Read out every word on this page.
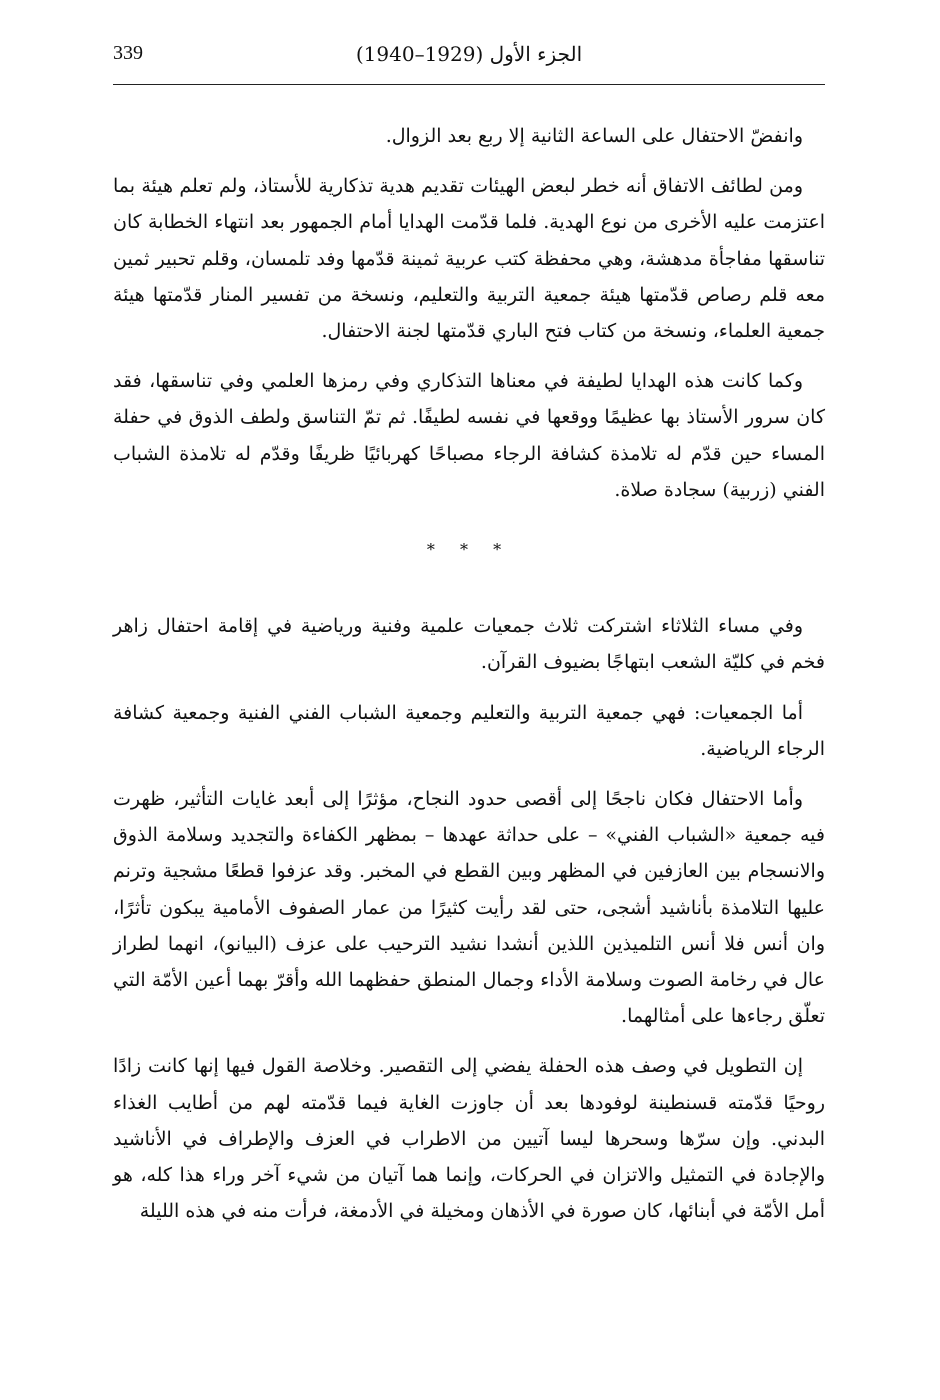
339	الجزء الأول (1929–1940)

وانفضّ الاحتفال على الساعة الثانية إلا ربع بعد الزوال.

ومن لطائف الاتفاق أنه خطر لبعض الهيئات تقديم هدية تذكارية للأستاذ، ولم تعلم هيئة بما اعتزمت عليه الأخرى من نوع الهدية. فلما قدّمت الهدايا أمام الجمهور بعد انتهاء الخطابة كان تناسقها مفاجأة مدهشة، وهي محفظة كتب عربية ثمينة قدّمها وفد تلمسان، وقلم تحبير ثمين معه قلم رصاص قدّمتها هيئة جمعية التربية والتعليم، ونسخة من تفسير المنار قدّمتها هيئة جمعية العلماء، ونسخة من كتاب فتح الباري قدّمتها لجنة الاحتفال.

وكما كانت هذه الهدايا لطيفة في معناها التذكاري وفي رمزها العلمي وفي تناسقها، فقد كان سرور الأستاذ بها عظيمًا ووقعها في نفسه لطيفًا. ثم تمّ التناسق ولطف الذوق في حفلة المساء حين قدّم له تلامذة كشافة الرجاء مصباحًا كهربائيًا ظريفًا وقدّم له تلامذة الشباب الفني (زربية) سجادة صلاة.

* * *

وفي مساء الثلاثاء اشتركت ثلاث جمعيات علمية وفنية ورياضية في إقامة احتفال زاهر فخم في كليّة الشعب ابتهاجًا بضيوف القرآن.

أما الجمعيات: فهي جمعية التربية والتعليم وجمعية الشباب الفني الفنية وجمعية كشافة الرجاء الرياضية.

وأما الاحتفال فكان ناجحًا إلى أقصى حدود النجاح، مؤثرًا إلى أبعد غايات التأثير، ظهرت فيه جمعية «الشباب الفني» – على حداثة عهدها – بمظهر الكفاءة والتجديد وسلامة الذوق والانسجام بين العازفين في المظهر وبين القطع في المخبر. وقد عزفوا قطعًا مشجية وترنم عليها التلامذة بأناشيد أشجى، حتى لقد رأيت كثيرًا من عمار الصفوف الأمامية يبكون تأثرًا، وان أنس فلا أنس التلميذين اللذين أنشدا نشيد الترحيب على عزف (البيانو)، انهما لطراز عال في رخامة الصوت وسلامة الأداء وجمال المنطق حفظهما الله وأقرّ بهما أعين الأمّة التي تعلّق رجاءها على أمثالهما.

إن التطويل في وصف هذه الحفلة يفضي إلى التقصير. وخلاصة القول فيها إنها كانت زادًا روحيًا قدّمته قسنطينة لوفودها بعد أن جاوزت الغاية فيما قدّمته لهم من أطايب الغذاء البدني. وإن سرّها وسحرها ليسا آتيين من الاطراب في العزف والإطراف في الأناشيد والإجادة في التمثيل والاتزان في الحركات، وإنما هما آتيان من شيء آخر وراء هذا كله، هو أمل الأمّة في أبنائها، كان صورة في الأذهان ومخيلة في الأدمغة، فرأت منه في هذه الليلة
